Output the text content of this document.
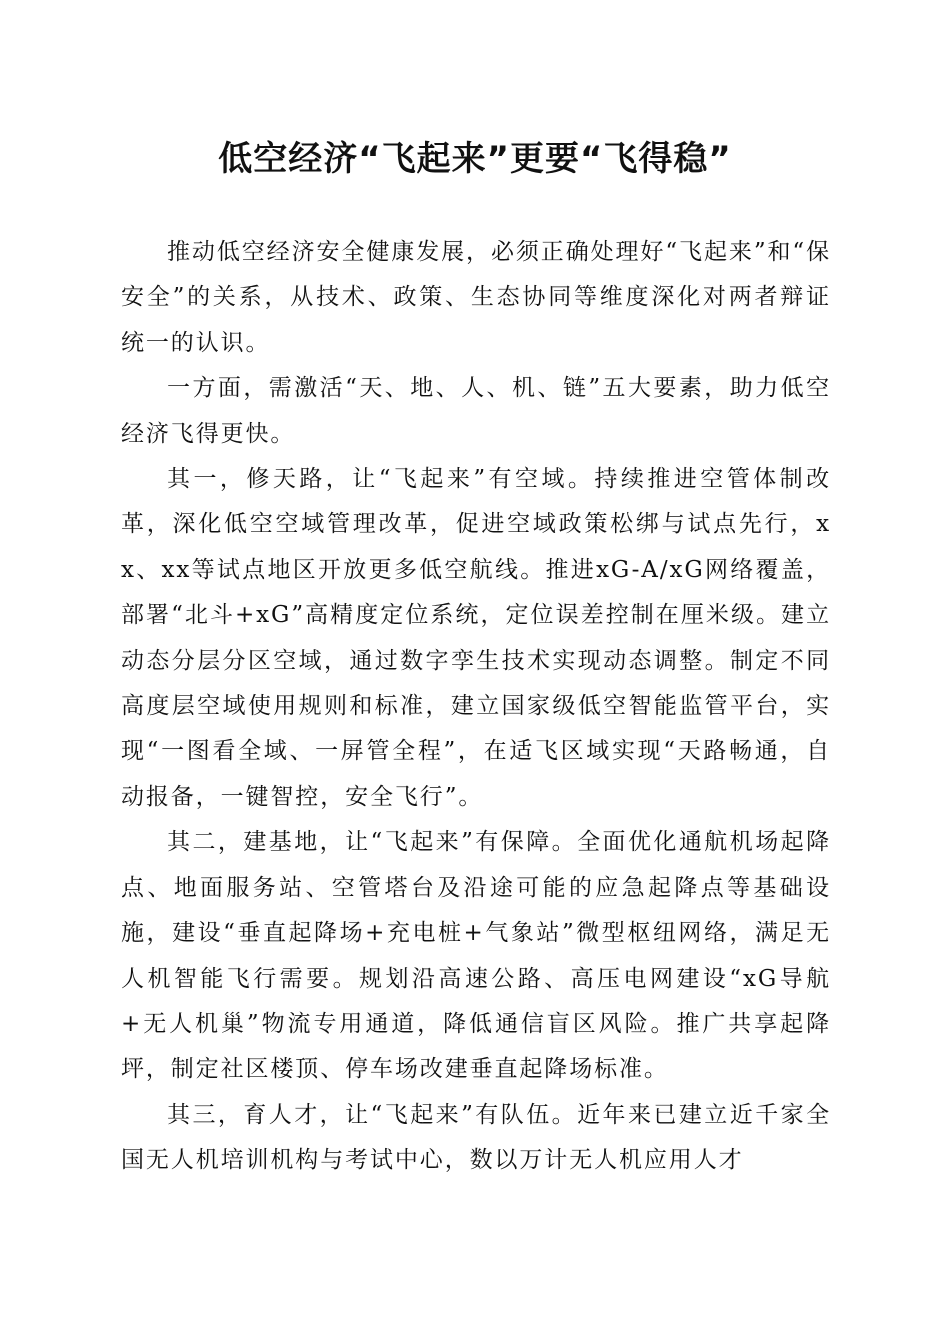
低空经济“飞起来”更要“飞得稳”

推动低空经济安全健康发展，必须正确处理好“飞起来”和“保安全”的关系，从技术、政策、生态协同等维度深化对两者辩证统一的认识。

一方面，需激活“天、地、人、机、链”五大要素，助力低空经济飞得更快。

其一，修天路，让“飞起来”有空域。持续推进空管体制改革，深化低空空域管理改革，促进空域政策松绑与试点先行，xx、xx等试点地区开放更多低空航线。推进xG-A/xG网络覆盖，部署“北斗+xG”高精度定位系统，定位误差控制在厘米级。建立动态分层分区空域，通过数字孪生技术实现动态调整。制定不同高度层空域使用规则和标准，建立国家级低空智能监管平台，实现“一图看全域、一屏管全程”，在适飞区域实现“天路畅通，自动报备，一键智控，安全飞行”。

其二，建基地，让“飞起来”有保障。全面优化通航机场起降点、地面服务站、空管塔台及沿途可能的应急起降点等基础设施，建设“垂直起降场+充电桩+气象站”微型枢纽网络，满足无人机智能飞行需要。规划沿高速公路、高压电网建设“xG导航+无人机巢”物流专用通道，降低通信盲区风险。推广共享起降坪，制定社区楼顶、停车场改建垂直起降场标准。

其三，育人才，让“飞起来”有队伍。近年来已建立近千家全国无人机培训机构与考试中心，数以万计无人机应用人才
